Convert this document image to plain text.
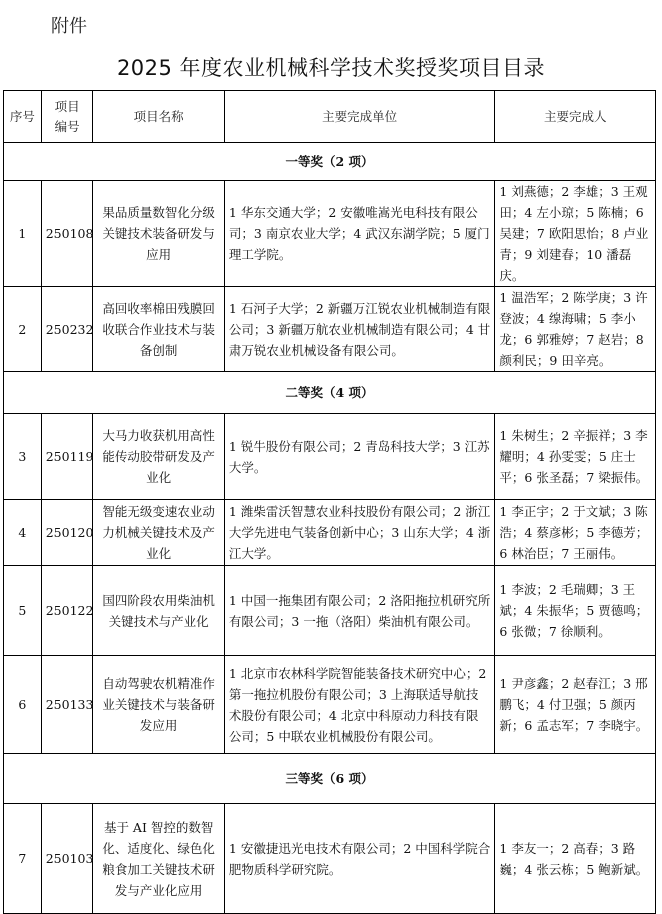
附件
2025 年度农业机械科学技术奖授奖项目目录
序号	项目编号	项目名称	主要完成单位	主要完成人
一等奖（2 项）				
1	250108	果品质量数智化分级关键技术装备研发与应用	1 华东交通大学；2 安徽唯嵩光电科技有限公司；3 南京农业大学；4 武汉东湖学院；5 厦门理工学院。	1 刘燕德；2 李雄；3 王观田；4 左小琼；5 陈楠；6 吴建；7 欧阳思怡；8 卢业青；9 刘建春；10 潘磊庆。
2	250232	高回收率棉田残膜回收联合作业技术与装备创制	1 石河子大学；2 新疆万江锐农业机械制造有限公司；3 新疆万航农业机械制造有限公司；4 甘肃万锐农业机械设备有限公司。	1 温浩军；2 陈学庚；3 许登波；4 缐海啸；5 李小龙；6 郭雅婷；7 赵岩；8 颜利民；9 田辛亮。
二等奖（4 项）				
3	250119	大马力收获机用高性能传动胶带研发及产业化	1 锐牛股份有限公司；2 青岛科技大学；3 江苏大学。	1 朱树生；2 辛振祥；3 李耀明；4 孙雯雯；5 庄士平；6 张圣磊；7 梁振伟。
4	250120	智能无级变速农业动力机械关键技术及产业化	1 潍柴雷沃智慧农业科技股份有限公司；2 浙江大学先进电气装备创新中心；3 山东大学；4 浙江大学。	1 李正宇；2 于文斌；3 陈浩；4 蔡彦彬；5 李德芳；6 林治臣；7 王丽伟。
5	250122	国四阶段农用柴油机关键技术与产业化	1 中国一拖集团有限公司；2 洛阳拖拉机研究所有限公司；3 一拖（洛阳）柴油机有限公司。	1 李波；2 毛瑞卿；3 王斌；4 朱振华；5 贾德鸣；6 张微；7 徐顺利。
6	250133	自动驾驶农机精准作业关键技术与装备研发应用	1 北京市农林科学院智能装备技术研究中心；2 第一拖拉机股份有限公司；3 上海联适导航技术股份有限公司；4 北京中科原动力科技有限公司；5 中联农业机械股份有限公司。	1 尹彦鑫；2 赵春江；3 邢鹏飞；4 付卫强；5 颜丙新；6 孟志军；7 李晓宇。
三等奖（6 项）				
7	250103	基于 AI 智控的数智化、适度化、绿色化粮食加工关键技术研发与产业化应用	1 安徽捷迅光电技术有限公司；2 中国科学院合肥物质科学研究院。	1 李友一；2 高春；3 路巍；4 张云栋；5 鲍新斌。
